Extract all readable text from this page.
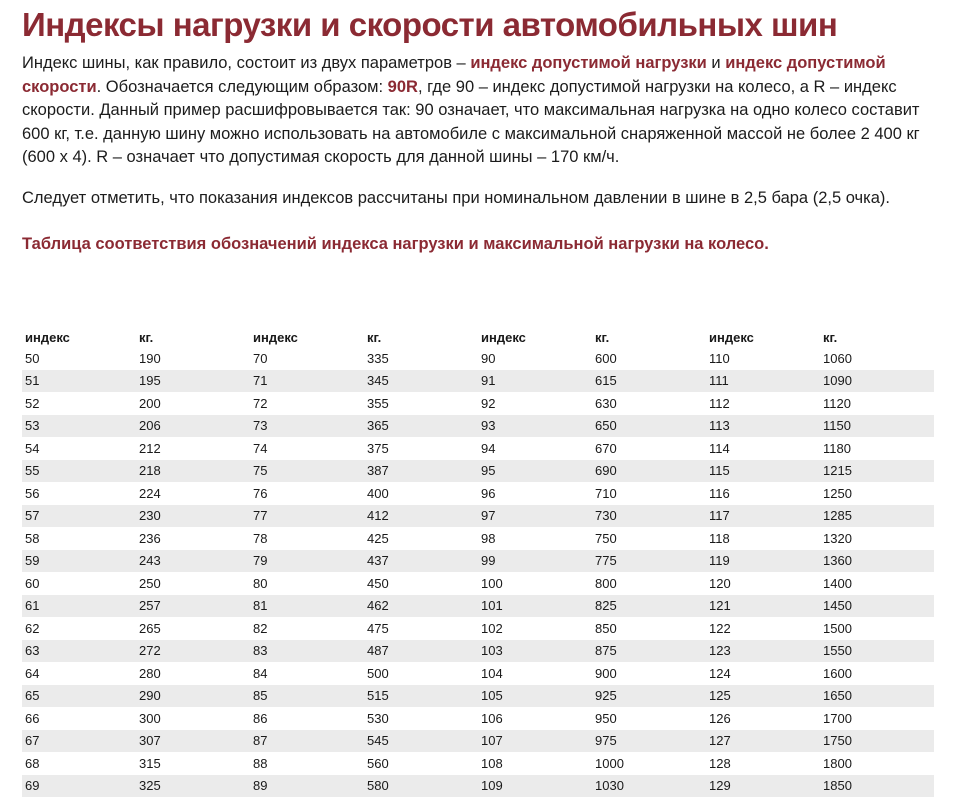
Индексы нагрузки и скорости автомобильных шин
Индекс шины, как правило, состоит из двух параметров – индекс допустимой нагрузки и индекс допустимой скорости. Обозначается следующим образом: 90R, где 90 – индекс допустимой нагрузки на колесо, а R – индекс скорости. Данный пример расшифровывается так: 90 означает, что максимальная нагрузка на одно колесо составит 600 кг, т.е. данную шину можно использовать на автомобиле с максимальной снаряженной массой не более 2 400 кг (600 x 4). R – означает что допустимая скорость для данной шины – 170 км/ч.
Следует отметить, что показания индексов рассчитаны при номинальном давлении в шине в 2,5 бара (2,5 очка).
Таблица соответствия обозначений индекса нагрузки и максимальной нагрузки на колесо.
индекс	кг.	индекс	кг.	индекс	кг.	индекс	кг.
50	190	70	335	90	600	110	1060
51	195	71	345	91	615	111	1090
52	200	72	355	92	630	112	1120
53	206	73	365	93	650	113	1150
54	212	74	375	94	670	114	1180
55	218	75	387	95	690	115	1215
56	224	76	400	96	710	116	1250
57	230	77	412	97	730	117	1285
58	236	78	425	98	750	118	1320
59	243	79	437	99	775	119	1360
60	250	80	450	100	800	120	1400
61	257	81	462	101	825	121	1450
62	265	82	475	102	850	122	1500
63	272	83	487	103	875	123	1550
64	280	84	500	104	900	124	1600
65	290	85	515	105	925	125	1650
66	300	86	530	106	950	126	1700
67	307	87	545	107	975	127	1750
68	315	88	560	108	1000	128	1800
69	325	89	580	109	1030	129	1850
